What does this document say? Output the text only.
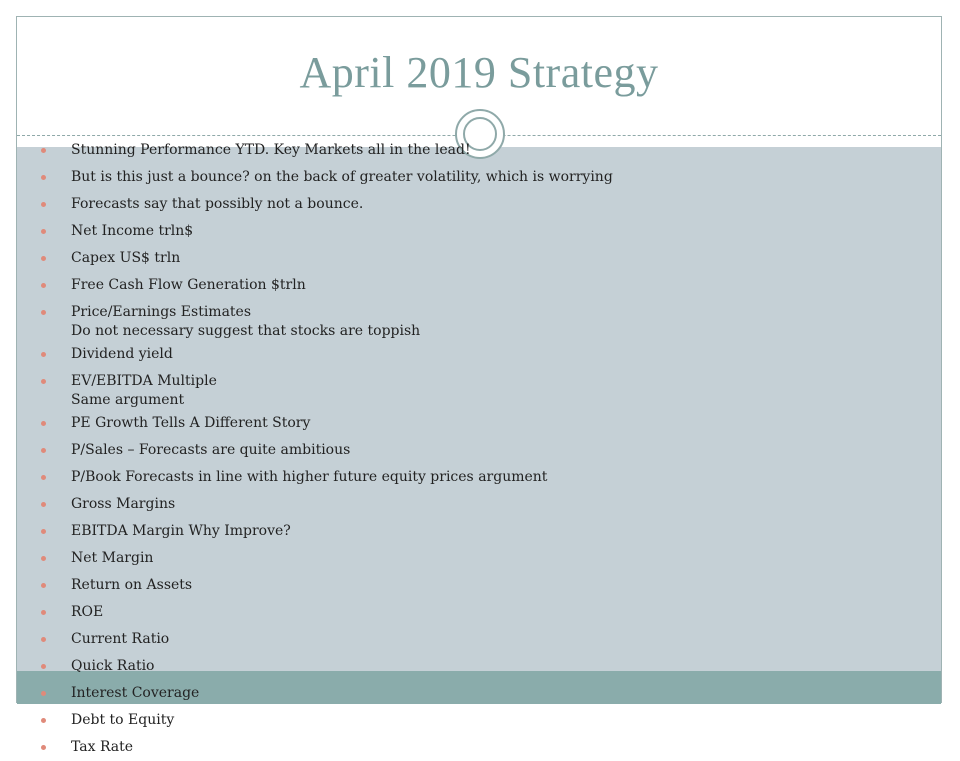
April 2019 Strategy
Stunning Performance YTD. Key Markets all in the lead!
But is this just a bounce? on the back of greater volatility, which is worrying
Forecasts say that possibly not a bounce.
Net Income trln$
Capex US$ trln
Free Cash Flow Generation $trln
Price/Earnings Estimates
Do not necessary suggest that stocks are toppish
Dividend yield
EV/EBITDA Multiple
Same argument
PE Growth Tells A Different Story
P/Sales – Forecasts are quite ambitious
P/Book Forecasts in line with higher future equity prices argument
Gross Margins
EBITDA Margin Why Improve?
Net Margin
Return on Assets
ROE
Current Ratio
Quick Ratio
Interest Coverage
Debt to Equity
Tax Rate
